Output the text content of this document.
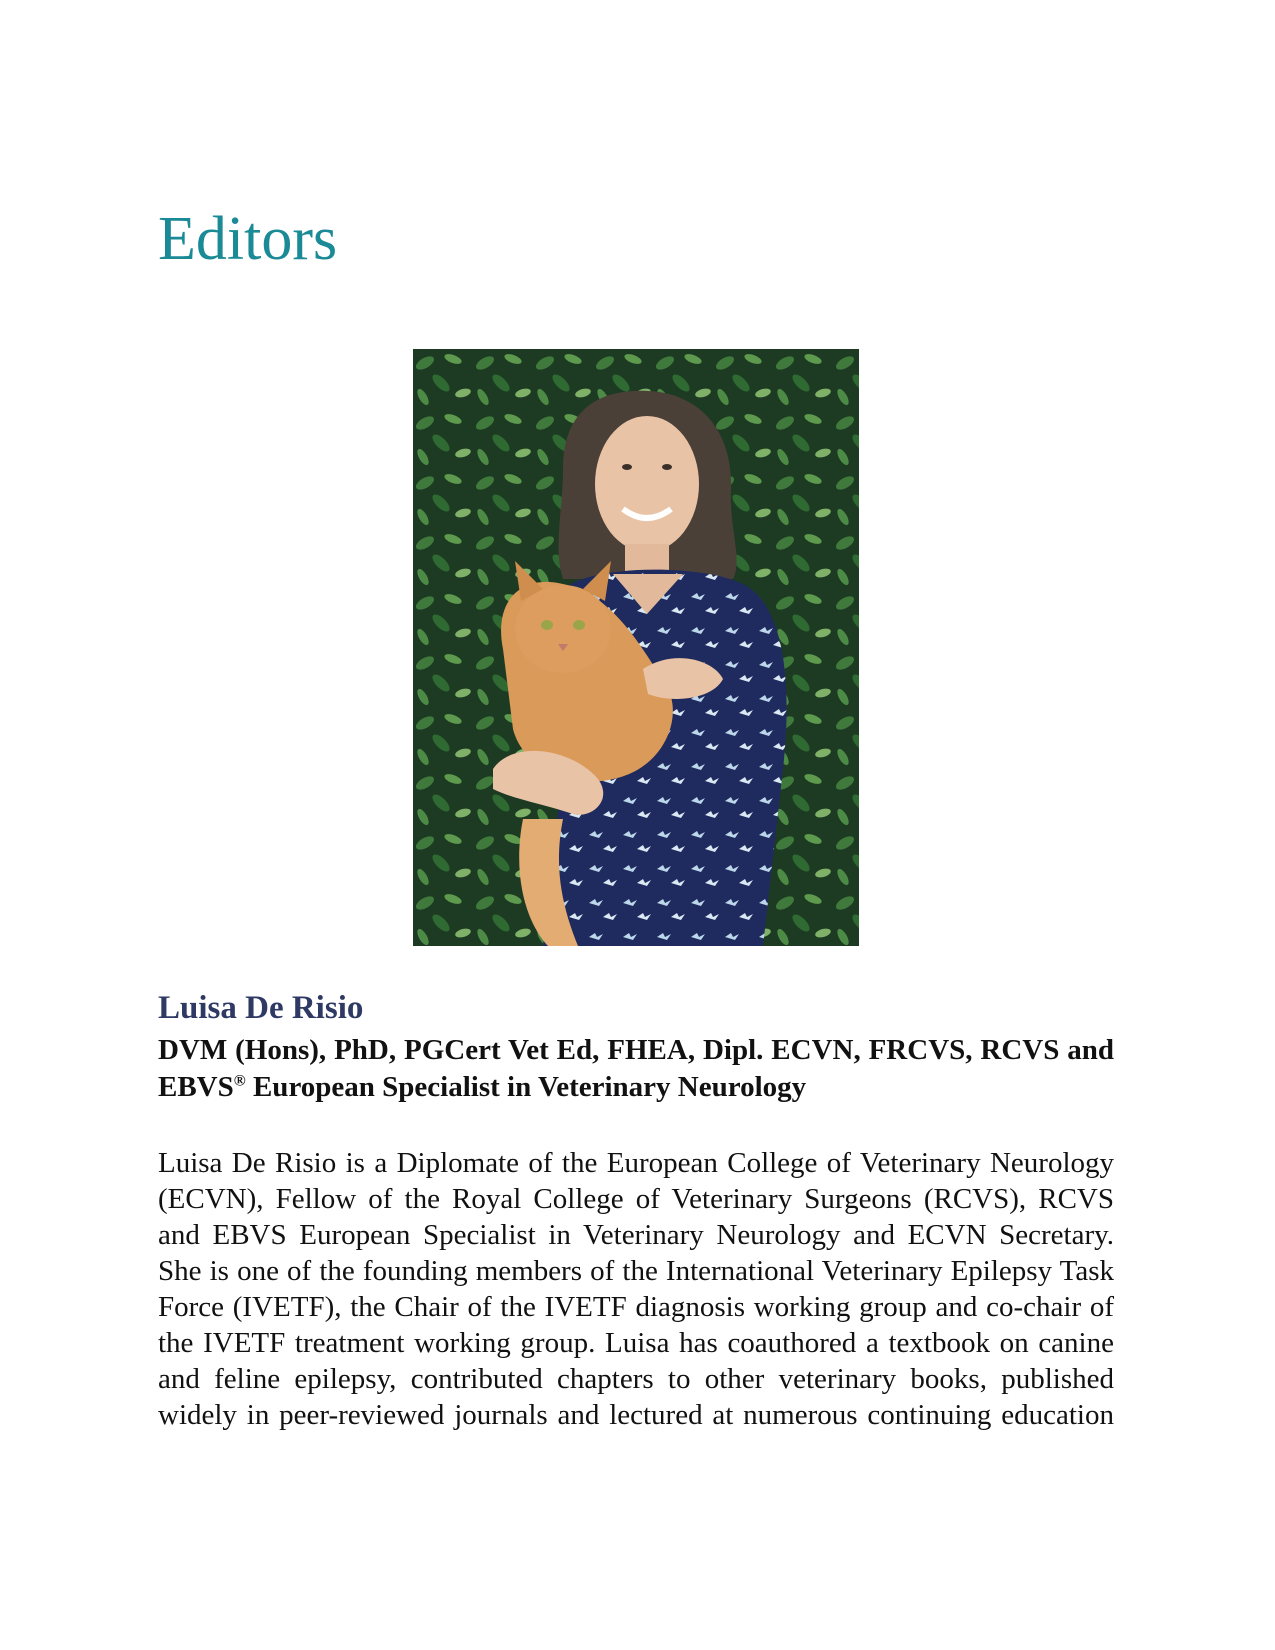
Editors
Luisa De Risio

DVM (Hons), PhD, PGCert Vet Ed, FHEA, Dipl. ECVN, FRCVS, RCVS and EBVS® European Specialist in Veterinary Neurology

Luisa De Risio is a Diplomate of the European College of Veterinary Neurology (ECVN), Fellow of the Royal College of Veterinary Surgeons (RCVS), RCVS and EBVS European Specialist in Veterinary Neurology and ECVN Secretary. She is one of the founding members of the International Veterinary Epilepsy Task Force (IVETF), the Chair of the IVETF diagnosis working group and co-chair of the IVETF treatment working group. Luisa has coauthored a textbook on canine and feline epilepsy, contributed chapters to other veterinary books, published widely in peer-reviewed journals and lectured at numerous continuing education
